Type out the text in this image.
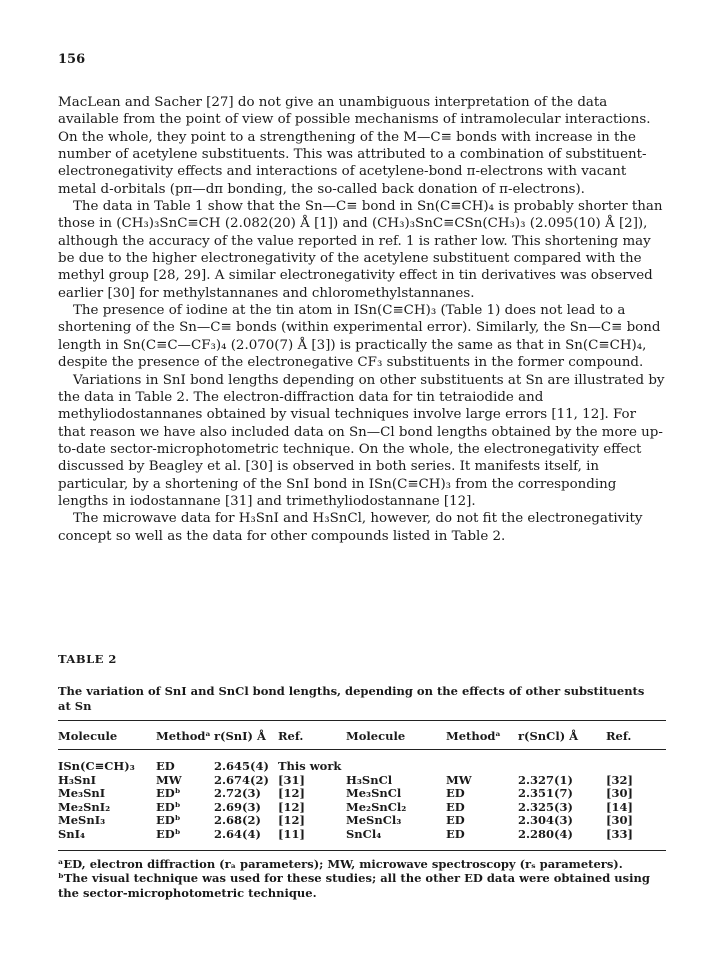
156

MacLean and Sacher [27] do not give an unambiguous interpretation of the data available from the point of view of possible mechanisms of intramolecular interactions. On the whole, they point to a strengthening of the M—C≡ bonds with increase in the number of acetylene substituents. This was attributed to a combination of substituent-electronegativity effects and interactions of acetylene-bond π-electrons with vacant metal d-orbitals (pπ—dπ bonding, the so-called back donation of π-electrons).

The data in Table 1 show that the Sn—C≡ bond in Sn(C≡CH)₄ is probably shorter than those in (CH₃)₃SnC≡CH (2.082(20) Å [1]) and (CH₃)₃SnC≡CSn(CH₃)₃ (2.095(10) Å [2]), although the accuracy of the value reported in ref. 1 is rather low. This shortening may be due to the higher electronegativity of the acetylene substituent compared with the methyl group [28, 29]. A similar electronegativity effect in tin derivatives was observed earlier [30] for methylstannanes and chloromethylstannanes.

The presence of iodine at the tin atom in ISn(C≡CH)₃ (Table 1) does not lead to a shortening of the Sn—C≡ bonds (within experimental error). Similarly, the Sn—C≡ bond length in Sn(C≡C—CF₃)₄ (2.070(7) Å [3]) is practically the same as that in Sn(C≡CH)₄, despite the presence of the electronegative CF₃ substituents in the former compound.

Variations in SnI bond lengths depending on other substituents at Sn are illustrated by the data in Table 2. The electron-diffraction data for tin tetraiodide and methyliodostannanes obtained by visual techniques involve large errors [11, 12]. For that reason we have also included data on Sn—Cl bond lengths obtained by the more up-to-date sector-microphotometric technique. On the whole, the electronegativity effect discussed by Beagley et al. [30] is observed in both series. It manifests itself, in particular, by a shortening of the SnI bond in ISn(C≡CH)₃ from the corresponding lengths in iodostannane [31] and trimethyliodostannane [12].

The microwave data for H₃SnI and H₃SnCl, however, do not fit the electronegativity concept so well as the data for other compounds listed in Table 2.

TABLE 2
The variation of SnI and SnCl bond lengths, depending on the effects of other substituents at Sn
Molecule	Methodᵃ	r(SnI) Å	Ref.	Molecule	Methodᵃ	r(SnCl) Å	Ref.
ISn(C≡CH)₃	ED	2.645(4)	This work				
H₃SnI	MW	2.674(2)	[31]	H₃SnCl	MW	2.327(1)	[32]
Me₃SnI	EDᵇ	2.72(3)	[12]	Me₃SnCl	ED	2.351(7)	[30]
Me₂SnI₂	EDᵇ	2.69(3)	[12]	Me₂SnCl₂	ED	2.325(3)	[14]
MeSnI₃	EDᵇ	2.68(2)	[12]	MeSnCl₃	ED	2.304(3)	[30]
SnI₄	EDᵇ	2.64(4)	[11]	SnCl₄	ED	2.280(4)	[33]
ᵃED, electron diffraction (rₐ parameters); MW, microwave spectroscopy (rₛ parameters).
ᵇThe visual technique was used for these studies; all the other ED data were obtained using the sector-microphotometric technique.
